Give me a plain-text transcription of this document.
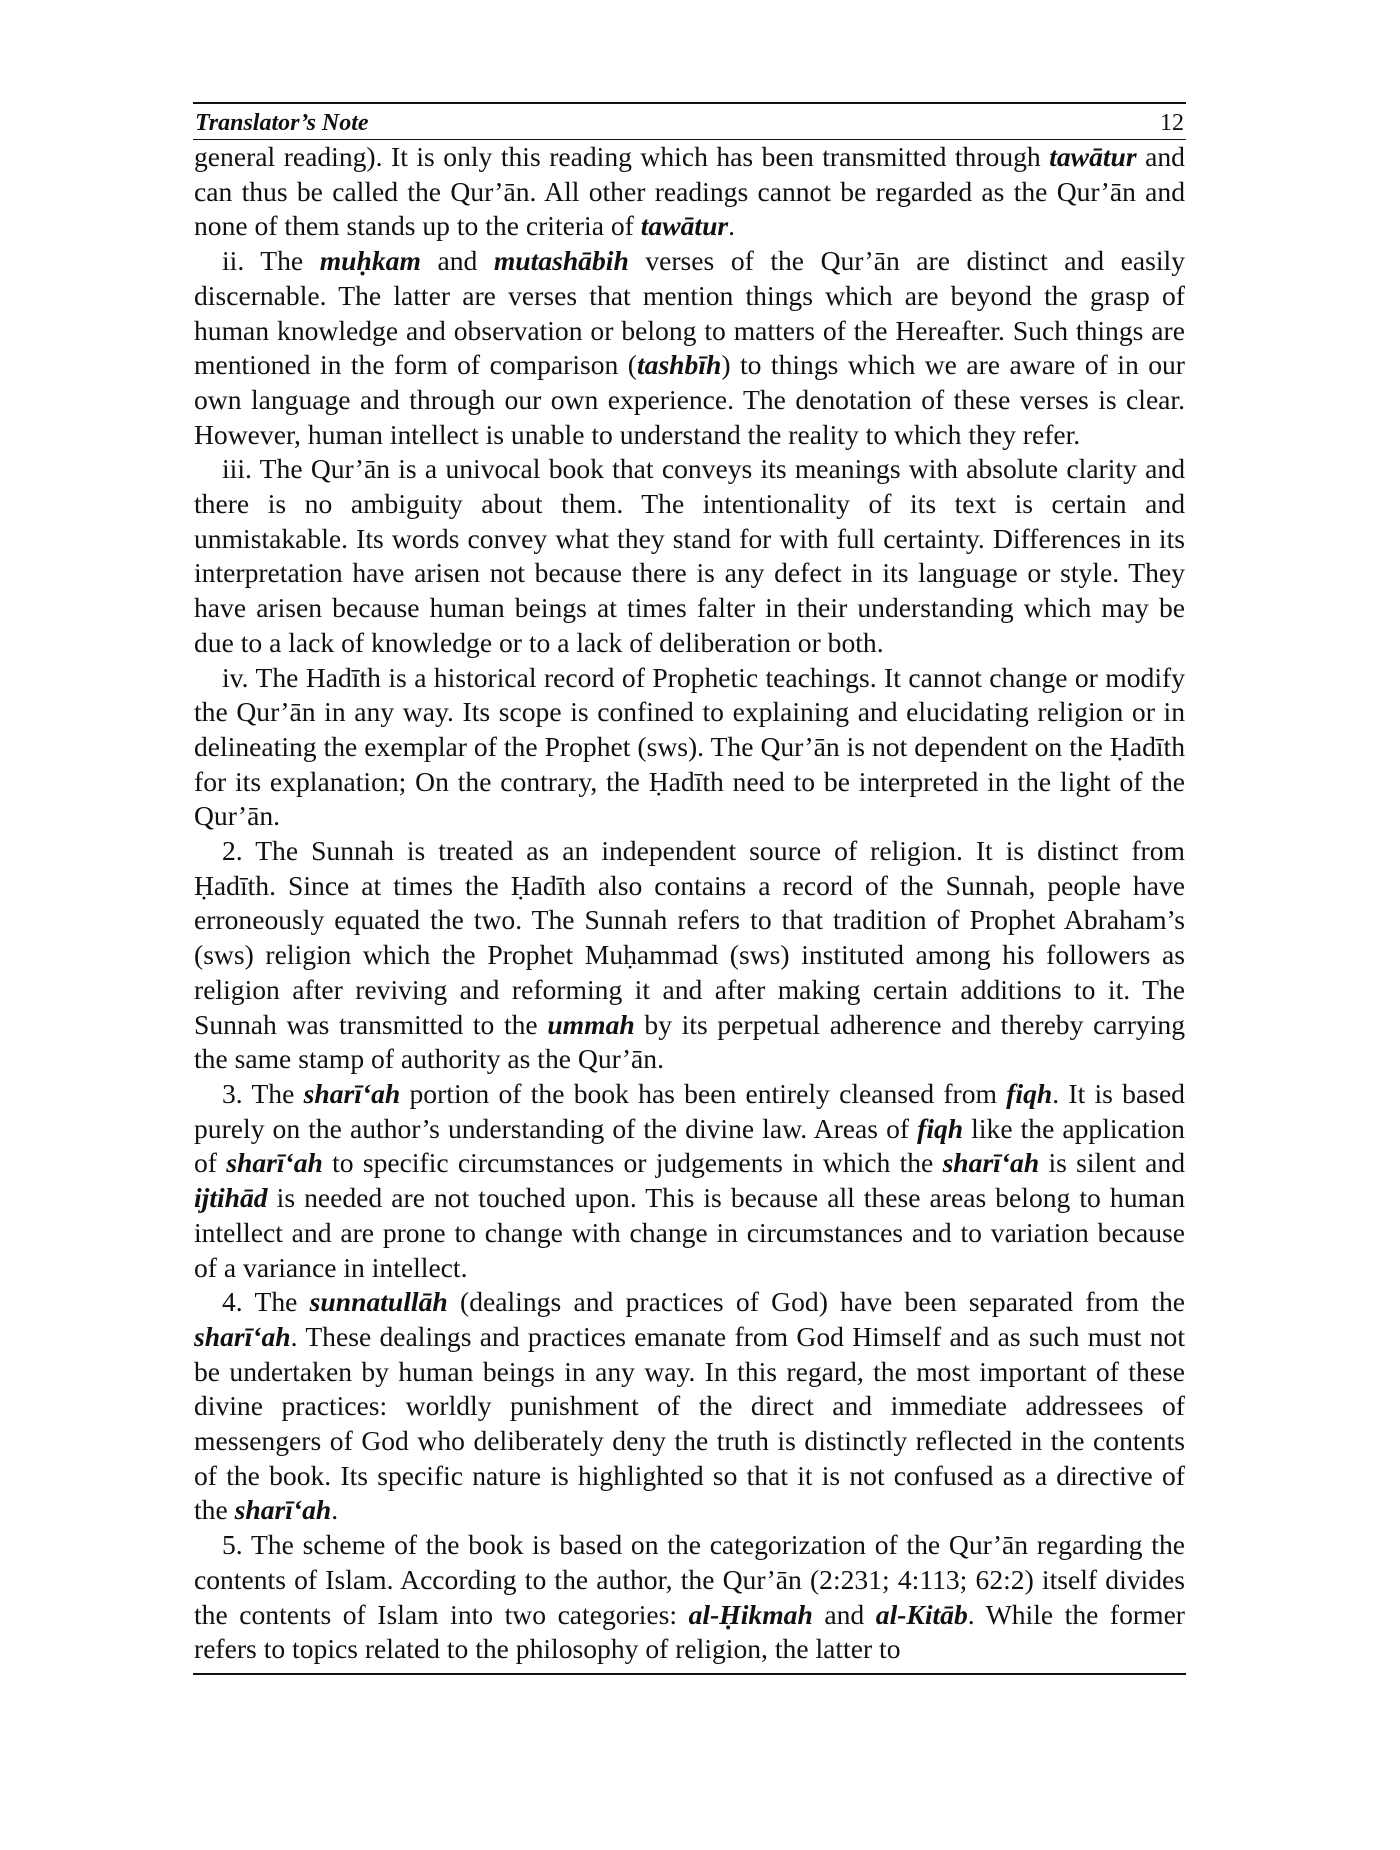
Translator’s Note	12

general reading). It is only this reading which has been transmitted through tawātur and can thus be called the Qur’ān. All other readings cannot be regarded as the Qur’ān and none of them stands up to the criteria of tawātur.

ii. The muḥkam and mutashābih verses of the Qur’ān are distinct and easily discernable. The latter are verses that mention things which are beyond the grasp of human knowledge and observation or belong to matters of the Hereafter. Such things are mentioned in the form of comparison (tashbīh) to things which we are aware of in our own language and through our own experience. The denotation of these verses is clear. However, human intellect is unable to understand the reality to which they refer.

iii. The Qur’ān is a univocal book that conveys its meanings with absolute clarity and there is no ambiguity about them. The intentionality of its text is certain and unmistakable. Its words convey what they stand for with full certainty. Differences in its interpretation have arisen not because there is any defect in its language or style. They have arisen because human beings at times falter in their understanding which may be due to a lack of knowledge or to a lack of deliberation or both.

iv. The Hadīth is a historical record of Prophetic teachings. It cannot change or modify the Qur’ān in any way. Its scope is confined to explaining and elucidating religion or in delineating the exemplar of the Prophet (sws). The Qur’ān is not dependent on the Ḥadīth for its explanation; On the contrary, the Ḥadīth need to be interpreted in the light of the Qur’ān.

2. The Sunnah is treated as an independent source of religion. It is distinct from Ḥadīth. Since at times the Ḥadīth also contains a record of the Sunnah, people have erroneously equated the two. The Sunnah refers to that tradition of Prophet Abraham’s (sws) religion which the Prophet Muḥammad (sws) instituted among his followers as religion after reviving and reforming it and after making certain additions to it. The Sunnah was transmitted to the ummah by its perpetual adherence and thereby carrying the same stamp of authority as the Qur’ān.

3. The sharī‘ah portion of the book has been entirely cleansed from fiqh. It is based purely on the author’s understanding of the divine law. Areas of fiqh like the application of sharī‘ah to specific circumstances or judgements in which the sharī‘ah is silent and ijtihād is needed are not touched upon. This is because all these areas belong to human intellect and are prone to change with change in circumstances and to variation because of a variance in intellect.

4. The sunnatullāh (dealings and practices of God) have been separated from the sharī‘ah. These dealings and practices emanate from God Himself and as such must not be undertaken by human beings in any way. In this regard, the most important of these divine practices: worldly punishment of the direct and immediate addressees of messengers of God who deliberately deny the truth is distinctly reflected in the contents of the book. Its specific nature is highlighted so that it is not confused as a directive of the sharī‘ah.

5. The scheme of the book is based on the categorization of the Qur’ān regarding the contents of Islam. According to the author, the Qur’ān (2:231; 4:113; 62:2) itself divides the contents of Islam into two categories: al-Ḥikmah and al-Kitāb. While the former refers to topics related to the philosophy of religion, the latter to
